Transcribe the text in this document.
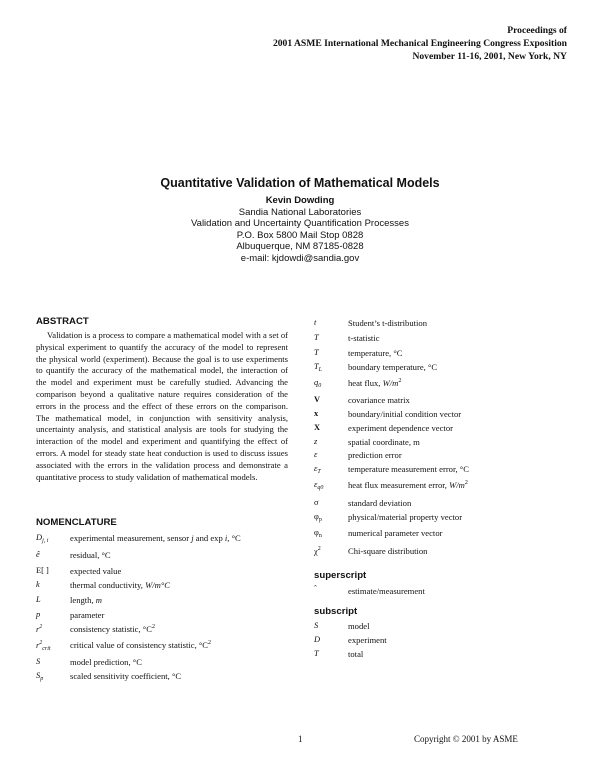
Proceedings of
2001 ASME International Mechanical Engineering Congress Exposition
November 11-16, 2001, New York, NY
Quantitative Validation of Mathematical Models
Kevin Dowding
Sandia National Laboratories
Validation and Uncertainty Quantification Processes
P.O. Box 5800 Mail Stop 0828
Albuquerque, NM 87185-0828
e-mail: kjdowdi@sandia.gov
ABSTRACT
Validation is a process to compare a mathematical model with a set of physical experiment to quantify the accuracy of the model to represent the physical world (experiment). Because the goal is to use experiments to quantify the accuracy of the mathematical model, the interaction of the model and experiment must be carefully studied. Advancing the comparison beyond a qualitative nature requires consideration of the errors in the process and the effect of these errors on the comparison. The mathematical model, in conjunction with sensitivity analysis, uncertainty analysis, and statistical analysis are tools for studying the interaction of the model and experiment and quantifying the effect of errors. A model for steady state heat conduction is used to discuss issues associated with the errors in the validation process and demonstrate a quantitative process to study validation of mathematical models.
NOMENCLATURE
$D_{j, i}$	experimental measurement, sensor j and exp i, °C
ê	residual, °C
E[ ] expected value
k	thermal conductivity, W/m°C
L	length, m
p	parameter
$r^2$	consistency statistic, $^\circ C^2$
$r^2_{crit}$ critical value of consistency statistic, $^\circ C^2$
S	model prediction, °C
$S_p$	scaled sensitivity coefficient, °C
t	Student’s t-distribution
T	t-statistic
T	temperature, °C
$T_L$	boundary temperature, °C
$q_0$	heat flux, $W/m^2$
V	covariance matrix
x	boundary/initial condition vector
X	experiment dependence vector
z	spatial coordinate, m
ε	prediction error
$\varepsilon_T$	temperature measurement error, °C
$\varepsilon_{q0}$	heat flux measurement error, $W/m^2$
σ	standard deviation
$\varphi_p$	physical/material property vector
$\varphi_n$	numerical parameter vector
$\chi^2$	Chi-square distribution
superscript
ˆ	estimate/measurement
subscript
S	model
D	experiment
T	total
1	Copyright © 2001 by ASME
